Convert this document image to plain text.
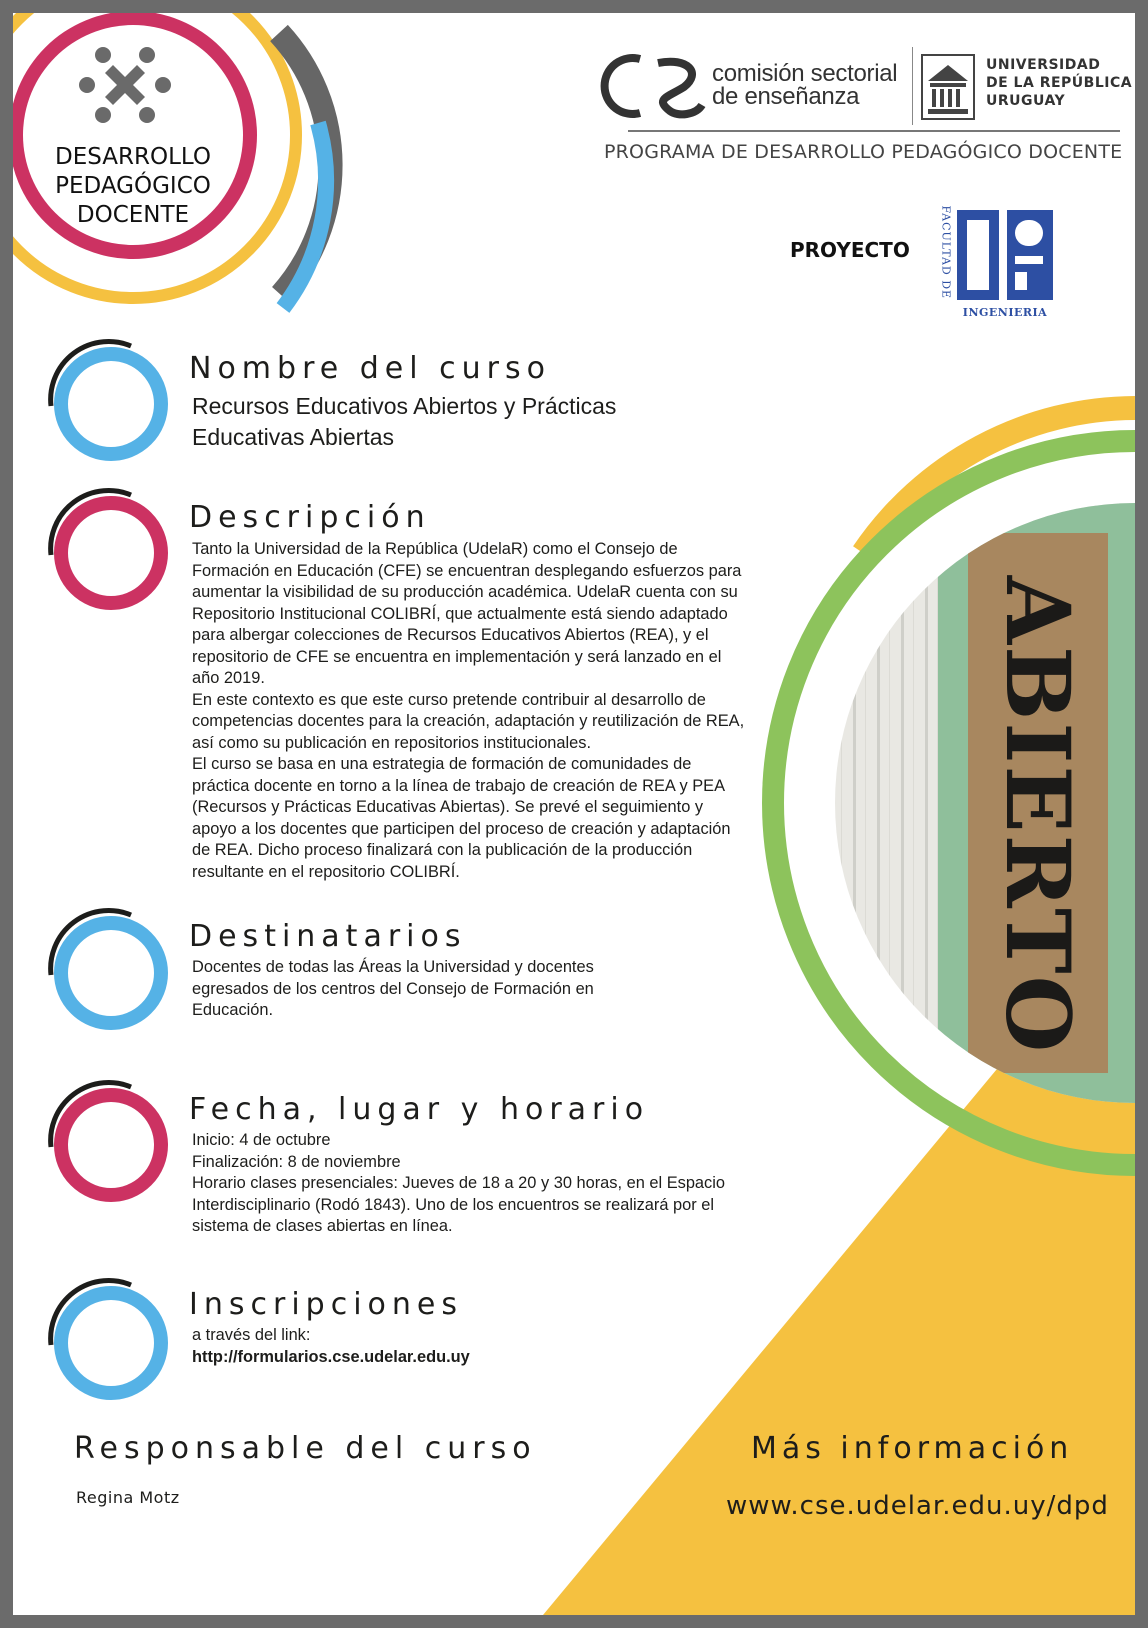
ABIERTO
DESARROLLO
PEDAGÓGICO
DOCENTE
comisión sectorial
de enseñanza
UNIVERSIDAD
DE LA REPÚBLICA
URUGUAY
PROGRAMA DE DESARROLLO PEDAGÓGICO DOCENTE
PROYECTO	FACULTAD DE
INGENIERIA
Nombre del curso
Recursos Educativos Abiertos y Prácticas
Educativas Abiertas
Descripción
Tanto la Universidad de la República (UdelaR) como el Consejo de
Formación en Educación (CFE) se encuentran desplegando esfuerzos para
aumentar la visibilidad de su producción académica. UdelaR cuenta con su
Repositorio Institucional COLIBRÍ, que actualmente está siendo adaptado
para albergar colecciones de Recursos Educativos Abiertos (REA), y el
repositorio de CFE se encuentra en implementación y será lanzado en el
año 2019.
En este contexto es que este curso pretende contribuir al desarrollo de
competencias docentes para la creación, adaptación y reutilización de REA,
así como su publicación en repositorios institucionales.
El curso se basa en una estrategia de formación de comunidades de
práctica docente en torno a la línea de trabajo de creación de REA y PEA
(Recursos y Prácticas Educativas Abiertas). Se prevé el seguimiento y
apoyo a los docentes que participen del proceso de creación y adaptación
de REA. Dicho proceso finalizará con la publicación de la producción
resultante en el repositorio COLIBRÍ.
Destinatarios
Docentes de todas las Áreas la Universidad y docentes
egresados de los centros del Consejo de Formación en
Educación.
Fecha, lugar y horario
Inicio: 4 de octubre
Finalización: 8 de noviembre
Horario clases presenciales: Jueves de 18 a 20 y 30 horas, en el Espacio
Interdisciplinario (Rodó 1843). Uno de los encuentros se realizará por el
sistema de clases abiertas en línea.
Inscripciones
a través del link:
http://formularios.cse.udelar.edu.uy
Responsable del curso
Regina Motz
Más información
www.cse.udelar.edu.uy/dpd
